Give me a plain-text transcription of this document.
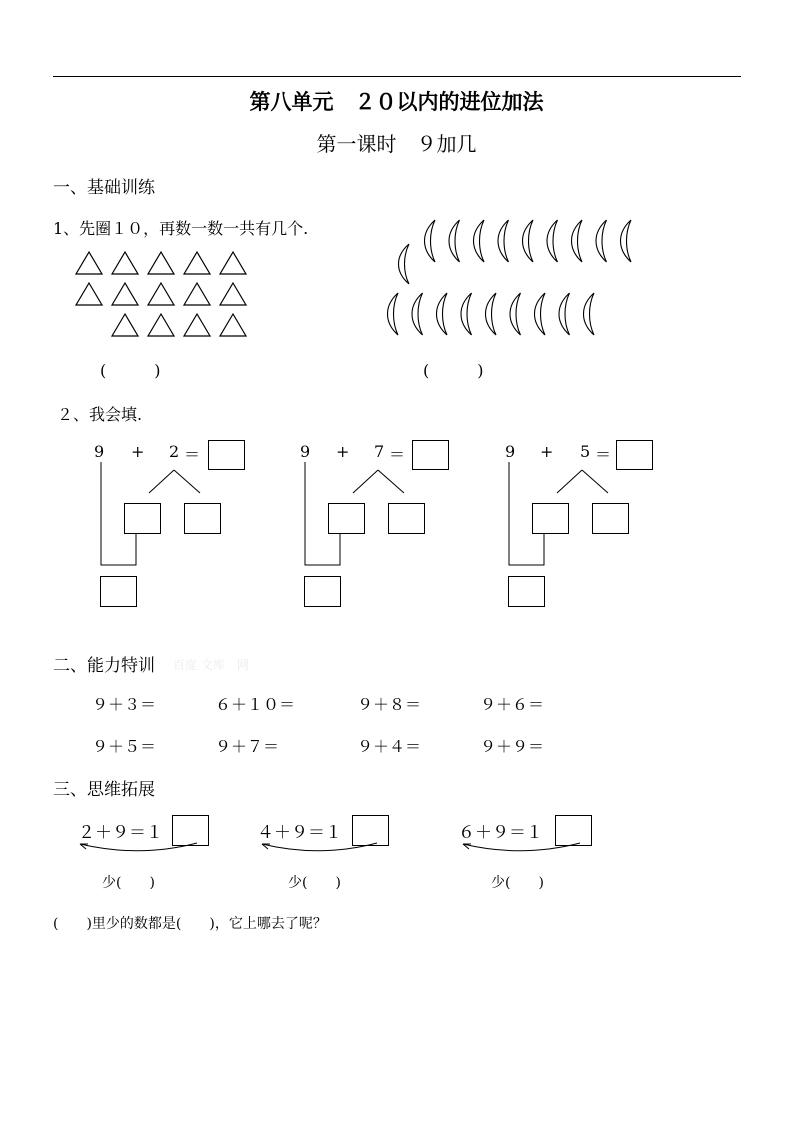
第八单元　２０以内的进位加法
第一课时　９加几
一、基础训练
1、先圈１０，再数一数一共有几个.
(　　　)	(　　　)
２、我会填.
9 + 2 ＝	9 + 7 ＝	9 + 5 ＝
二、能力特训 百度 文库　网
９＋３＝	６＋１０＝	９＋８＝	９＋６＝
９＋５＝	９＋７＝	９＋４＝	９＋９＝
三、思维拓展
２＋９＝１	４＋９＝１	６＋９＝１
少(　　)	少(　　)	少(　　)
(　　)里少的数都是(　　)，它上哪去了呢？
